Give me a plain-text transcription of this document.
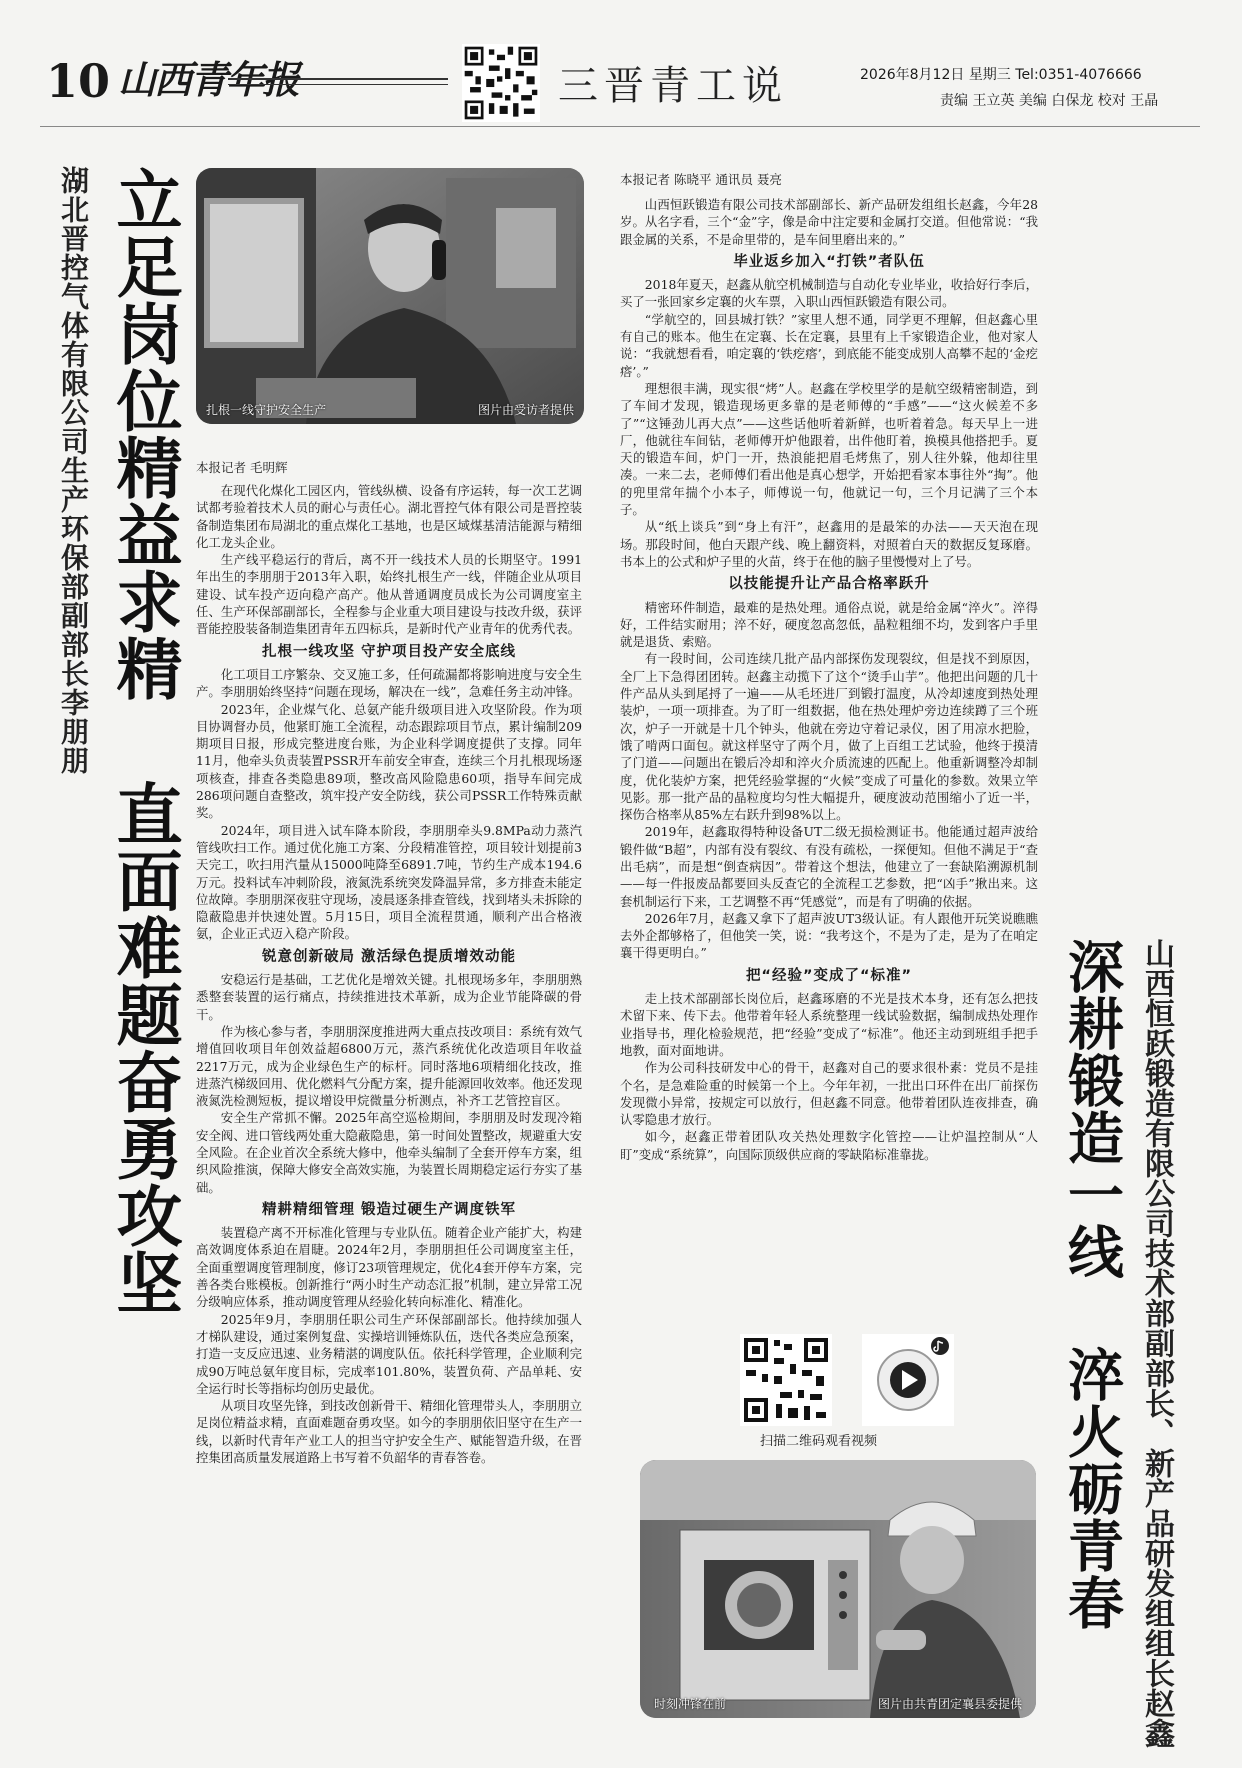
10 山西青年报	三晋青工说	2026年8月12日 星期三 Tel:0351-4076666
责编 王立英 美编 白保龙 校对 王晶
立足岗位精益求精 直面难题奋勇攻坚
湖北晋控气体有限公司生产环保部副部长李朋朋	扎根一线守护安全生产	图片由受访者提供
本报记者 毛明辉

在现代化煤化工园区内，管线纵横、设备有序运转，每一次工艺调试都考验着技术人员的耐心与责任心。湖北晋控气体有限公司是晋控装备制造集团布局湖北的重点煤化工基地，也是区域煤基清洁能源与精细化工龙头企业。

生产线平稳运行的背后，离不开一线技术人员的长期坚守。1991年出生的李朋朋于2013年入职，始终扎根生产一线，伴随企业从项目建设、试车投产迈向稳产高产。他从普通调度员成长为公司调度室主任、生产环保部副部长，全程参与企业重大项目建设与技改升级，获评晋能控股装备制造集团青年五四标兵，是新时代产业青年的优秀代表。

扎根一线攻坚 守护项目投产安全底线

化工项目工序繁杂、交叉施工多，任何疏漏都将影响进度与安全生产。李朋朋始终坚持“问题在现场，解决在一线”，急难任务主动冲锋。

2023年，企业煤气化、总氨产能升级项目进入攻坚阶段。作为项目协调督办员，他紧盯施工全流程，动态跟踪项目节点，累计编制209期项目日报，形成完整进度台账，为企业科学调度提供了支撑。同年11月，他牵头负责装置PSSR开车前安全审查，连续三个月扎根现场逐项核查，排查各类隐患89项，整改高风险隐患60项，指导车间完成286项问题自查整改，筑牢投产安全防线，获公司PSSR工作特殊贡献奖。

2024年，项目进入试车降本阶段，李朋朋牵头9.8MPa动力蒸汽管线吹扫工作。通过优化施工方案、分段精准管控，项目较计划提前3天完工，吹扫用汽量从15000吨降至6891.7吨，节约生产成本194.6万元。投料试车冲刺阶段，液氮洗系统突发降温异常，多方排查未能定位故障。李朋朋深夜驻守现场，凌晨逐条排查管线，找到堵头未拆除的隐蔽隐患并快速处置。5月15日，项目全流程贯通，顺利产出合格液氨，企业正式迈入稳产阶段。

锐意创新破局 激活绿色提质增效动能

安稳运行是基础，工艺优化是增效关键。扎根现场多年，李朋朋熟悉整套装置的运行痛点，持续推进技术革新，成为企业节能降碳的骨干。

作为核心参与者，李朋朋深度推进两大重点技改项目：系统有效气增值回收项目年创效益超6800万元，蒸汽系统优化改造项目年收益2217万元，成为企业绿色生产的标杆。同时落地6项精细化技改，推进蒸汽梯级回用、优化燃料气分配方案，提升能源回收效率。他还发现液氮洗检测短板，提议增设甲烷微量分析测点，补齐工艺管控盲区。

安全生产常抓不懈。2025年高空巡检期间，李朋朋及时发现冷箱安全阀、进口管线两处重大隐蔽隐患，第一时间处置整改，规避重大安全风险。在企业首次全系统大修中，他牵头编制了全套开停车方案，组织风险推演，保障大修安全高效实施，为装置长周期稳定运行夯实了基础。

精耕精细管理 锻造过硬生产调度铁军

装置稳产离不开标准化管理与专业队伍。随着企业产能扩大，构建高效调度体系迫在眉睫。2024年2月，李朋朋担任公司调度室主任，全面重塑调度管理制度，修订23项管理规定，优化4套开停车方案，完善各类台账模板。创新推行“两小时生产动态汇报”机制，建立异常工况分级响应体系，推动调度管理从经验化转向标准化、精准化。

2025年9月，李朋朋任职公司生产环保部副部长。他持续加强人才梯队建设，通过案例复盘、实操培训锤炼队伍，迭代各类应急预案，打造一支反应迅速、业务精湛的调度队伍。依托科学管理，企业顺利完成90万吨总氨年度目标，完成率101.80%，装置负荷、产品单耗、安全运行时长等指标均创历史最优。

从项目攻坚先锋，到技改创新骨干、精细化管理带头人，李朋朋立足岗位精益求精，直面难题奋勇攻坚。如今的李朋朋依旧坚守在生产一线，以新时代青年产业工人的担当守护安全生产、赋能智造升级，在晋控集团高质量发展道路上书写着不负韶华的青春答卷。

本报记者 陈晓平 通讯员 聂亮

山西恒跃锻造有限公司技术部副部长、新产品研发组组长赵鑫，今年28岁。从名字看，三个“金”字，像是命中注定要和金属打交道。但他常说：“我跟金属的关系，不是命里带的，是车间里磨出来的。”

毕业返乡加入“打铁”者队伍

2018年夏天，赵鑫从航空机械制造与自动化专业毕业，收拾好行李后，买了一张回家乡定襄的火车票，入职山西恒跃锻造有限公司。

“学航空的，回县城打铁？”家里人想不通，同学更不理解，但赵鑫心里有自己的账本。他生在定襄、长在定襄，县里有上千家锻造企业，他对家人说：“我就想看看，咱定襄的‘铁疙瘩’，到底能不能变成别人高攀不起的‘金疙瘩’。”

理想很丰满，现实很“烤”人。赵鑫在学校里学的是航空级精密制造，到了车间才发现，锻造现场更多靠的是老师傅的“手感”——“这火候差不多了”“这锤劲儿再大点”——这些话他听着新鲜，也听着着急。每天早上一进厂，他就往车间钻，老师傅开炉他跟着，出件他盯着，换模具他搭把手。夏天的锻造车间，炉门一开，热浪能把眉毛烤焦了，别人往外躲，他却往里凑。一来二去，老师傅们看出他是真心想学，开始把看家本事往外“掏”。他的兜里常年揣个小本子，师傅说一句，他就记一句，三个月记满了三个本子。

从“纸上谈兵”到“身上有汗”，赵鑫用的是最笨的办法——天天泡在现场。那段时间，他白天跟产线、晚上翻资料，对照着白天的数据反复琢磨。书本上的公式和炉子里的火苗，终于在他的脑子里慢慢对上了号。

以技能提升让产品合格率跃升

精密环件制造，最难的是热处理。通俗点说，就是给金属“淬火”。淬得好，工件结实耐用；淬不好，硬度忽高忽低，晶粒粗细不均，发到客户手里就是退货、索赔。

有一段时间，公司连续几批产品内部探伤发现裂纹，但是找不到原因，全厂上下急得团团转。赵鑫主动揽下了这个“烫手山芋”。他把出问题的几十件产品从头到尾捋了一遍——从毛坯进厂到锻打温度，从冷却速度到热处理装炉，一项一项排查。为了盯一组数据，他在热处理炉旁边连续蹲了三个班次，炉子一开就是十几个钟头，他就在旁边守着记录仪，困了用凉水把脸，饿了啃两口面包。就这样坚守了两个月，做了上百组工艺试验，他终于摸清了门道——问题出在锻后冷却和淬火介质流速的匹配上。他重新调整冷却制度，优化装炉方案，把凭经验掌握的“火候”变成了可量化的参数。效果立竿见影。那一批产品的晶粒度均匀性大幅提升，硬度波动范围缩小了近一半，探伤合格率从85%左右跃升到98%以上。

2019年，赵鑫取得特种设备UT二级无损检测证书。他能通过超声波给锻件做“B超”，内部有没有裂纹、有没有疏松，一探便知。但他不满足于“查出毛病”，而是想“倒查病因”。带着这个想法，他建立了一套缺陷溯源机制——每一件报废品都要回头反查它的全流程工艺参数，把“凶手”揪出来。这套机制运行下来，工艺调整不再“凭感觉”，而是有了明确的依据。

2026年7月，赵鑫又拿下了超声波UT3级认证。有人跟他开玩笑说瞧瞧去外企都够格了，但他笑一笑，说：“我考这个，不是为了走，是为了在咱定襄干得更明白。”

把“经验”变成了“标准”

走上技术部副部长岗位后，赵鑫琢磨的不光是技术本身，还有怎么把技术留下来、传下去。他带着年轻人系统整理一线试验数据，编制成热处理作业指导书，理化检验规范，把“经验”变成了“标准”。他还主动到班组手把手地教，面对面地讲。

作为公司科技研发中心的骨干，赵鑫对自己的要求很朴素：党员不是挂个名，是急难险重的时候第一个上。今年年初，一批出口环件在出厂前探伤发现微小异常，按规定可以放行，但赵鑫不同意。他带着团队连夜排查，确认零隐患才放行。

如今，赵鑫正带着团队攻关热处理数字化管控——让炉温控制从“人盯”变成“系统算”，向国际顶级供应商的零缺陷标准靠拢。	深耕锻造一线 淬火砺青春 山西恒跃锻造有限公司技术部副部长、新产品研发组组长赵鑫
扫描二维码观看视频
时刻冲锋在前	图片由共青团定襄县委提供
